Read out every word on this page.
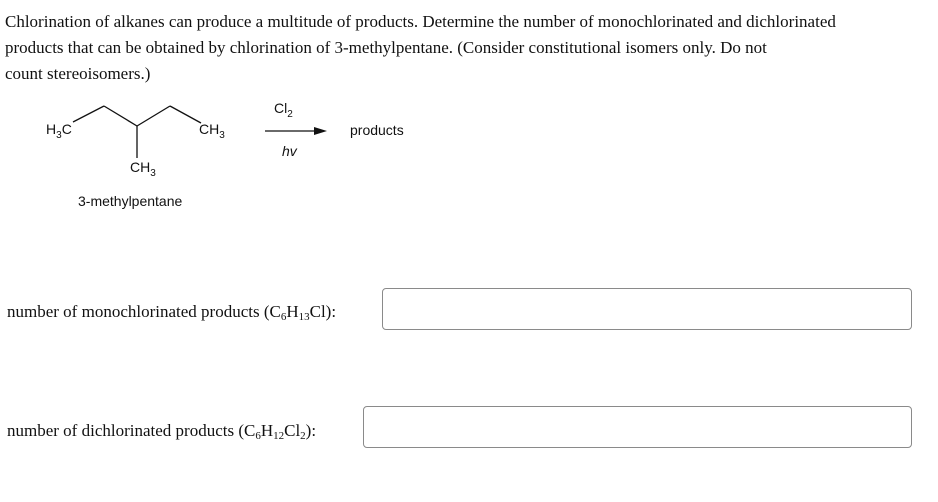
Chlorination of alkanes can produce a multitude of products. Determine the number of monochlorinated and dichlorinated
products that can be obtained by chlorination of 3-methylpentane. (Consider constitutional isomers only. Do not
count stereoisomers.)
$H_3C$	$CH_3$
$CH_3$
3-methylpentane
$Cl_2$
hv
products

number of monochlorinated products $(C_6H_{13}Cl)$:

number of dichlorinated products $(C_6H_{12}Cl_2)$:
